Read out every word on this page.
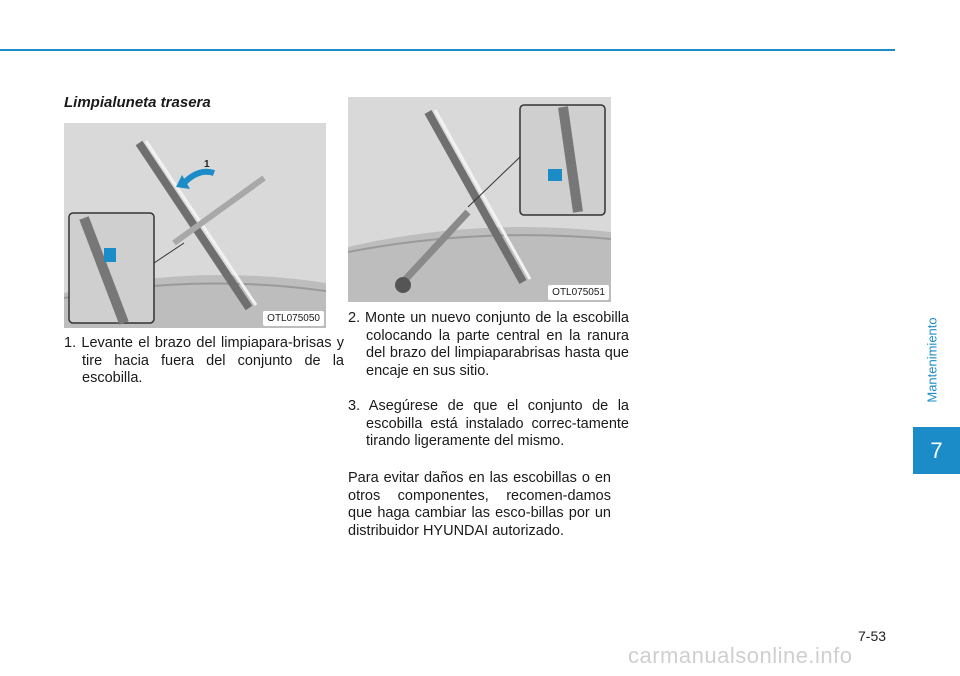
Limpialuneta trasera
1
OTL075050
1. Levante el brazo del limpiapara-brisas y tire hacia fuera del conjunto de la escobilla.
OTL075051
2. Monte un nuevo conjunto de la escobilla colocando la parte central en la ranura del brazo del limpiaparabrisas hasta que encaje en sus sitio.
3. Asegúrese de que el conjunto de la escobilla está instalado correc-tamente tirando ligeramente del mismo.
Para evitar daños en las escobillas o en otros componentes, recomen-damos que haga cambiar las esco-billas por un distribuidor HYUNDAI autorizado.
Mantenimiento
7
7-53
carmanualsonline.info
